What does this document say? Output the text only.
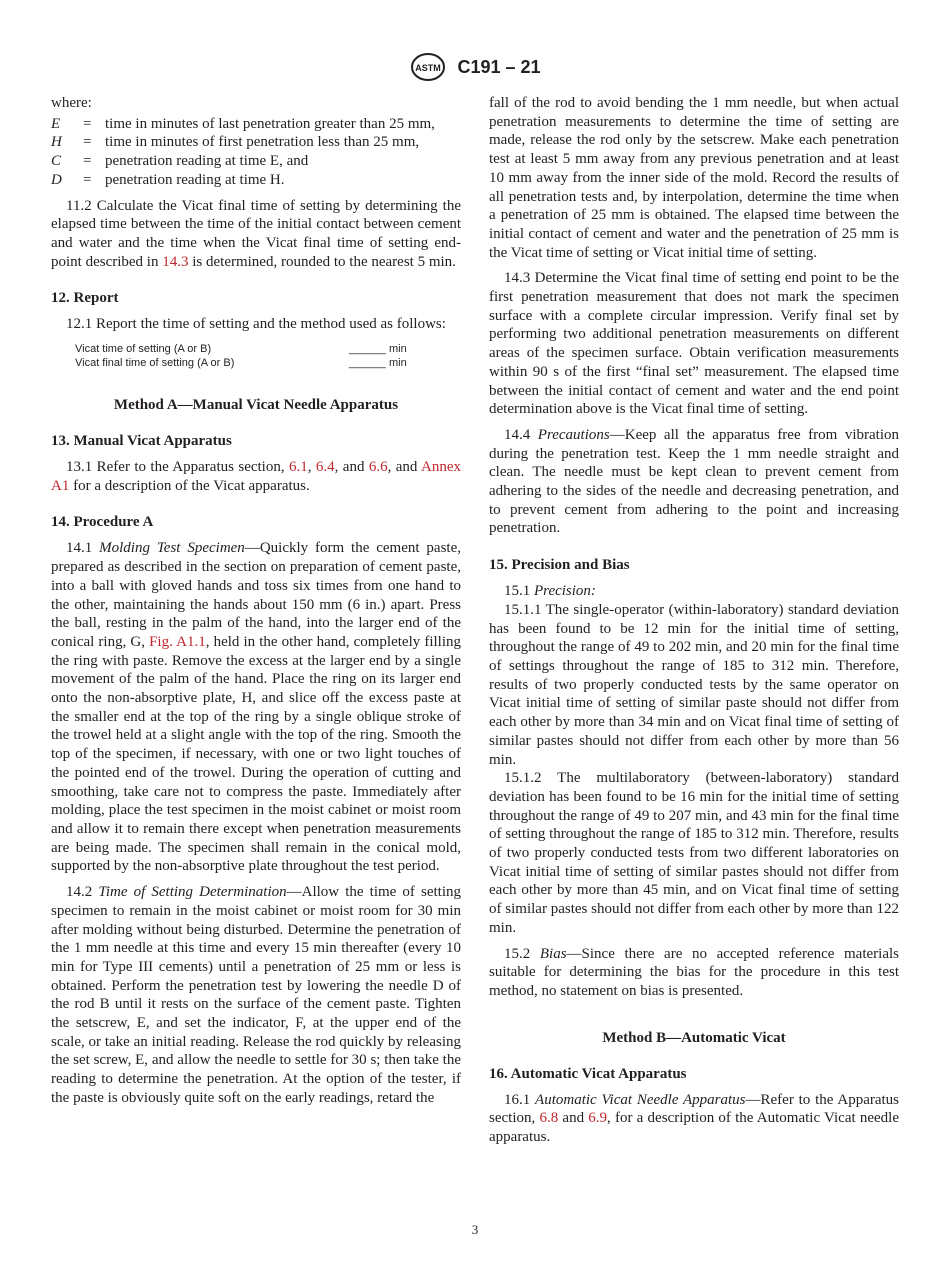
ASTM C191 – 21

where:

E	= time in minutes of last penetration greater than 25 mm,
H	= time in minutes of first penetration less than 25 mm,
C	= penetration reading at time E, and
D	= penetration reading at time H.

11.2 Calculate the Vicat final time of setting by determining the elapsed time between the time of the initial contact between cement and water and the time when the Vicat final time of setting end-point described in 14.3 is determined, rounded to the nearest 5 min.

12. Report

12.1 Report the time of setting and the method used as follows:

Vicat time of setting (A or B)	______ min
Vicat final time of setting (A or B)	______ min
Method A—Manual Vicat Needle Apparatus
13. Manual Vicat Apparatus

13.1 Refer to the Apparatus section, 6.1, 6.4, and 6.6, and Annex A1 for a description of the Vicat apparatus.

14. Procedure A

14.1 Molding Test Specimen—Quickly form the cement paste, prepared as described in the section on preparation of cement paste, into a ball with gloved hands and toss six times from one hand to the other, maintaining the hands about 150 mm (6 in.) apart. Press the ball, resting in the palm of the hand, into the larger end of the conical ring, G, Fig. A1.1, held in the other hand, completely filling the ring with paste. Remove the excess at the larger end by a single movement of the palm of the hand. Place the ring on its larger end onto the non-absorptive plate, H, and slice off the excess paste at the smaller end at the top of the ring by a single oblique stroke of the trowel held at a slight angle with the top of the ring. Smooth the top of the specimen, if necessary, with one or two light touches of the pointed end of the trowel. During the operation of cutting and smoothing, take care not to compress the paste. Immediately after molding, place the test specimen in the moist cabinet or moist room and allow it to remain there except when penetration measurements are being made. The specimen shall remain in the conical mold, supported by the non-absorptive plate throughout the test period.

14.2 Time of Setting Determination—Allow the time of setting specimen to remain in the moist cabinet or moist room for 30 min after molding without being disturbed. Determine the penetration of the 1 mm needle at this time and every 15 min thereafter (every 10 min for Type III cements) until a penetration of 25 mm or less is obtained. Perform the penetration test by lowering the needle D of the rod B until it rests on the surface of the cement paste. Tighten the setscrew, E, and set the indicator, F, at the upper end of the scale, or take an initial reading. Release the rod quickly by releasing the set screw, E, and allow the needle to settle for 30 s; then take the reading to determine the penetration. At the option of the tester, if the paste is obviously quite soft on the early readings, retard the

fall of the rod to avoid bending the 1 mm needle, but when actual penetration measurements to determine the time of setting are made, release the rod only by the setscrew. Make each penetration test at least 5 mm away from any previous penetration and at least 10 mm away from the inner side of the mold. Record the results of all penetration tests and, by interpolation, determine the time when a penetration of 25 mm is obtained. The elapsed time between the initial contact of cement and water and the penetration of 25 mm is the Vicat time of setting or Vicat initial time of setting.

14.3 Determine the Vicat final time of setting end point to be the first penetration measurement that does not mark the specimen surface with a complete circular impression. Verify final set by performing two additional penetration measurements on different areas of the specimen surface. Obtain verification measurements within 90 s of the first “final set” measurement. The elapsed time between the initial contact of cement and water and the end point determination above is the Vicat final time of setting.

14.4 Precautions—Keep all the apparatus free from vibration during the penetration test. Keep the 1 mm needle straight and clean. The needle must be kept clean to prevent cement from adhering to the sides of the needle and decreasing penetration, and to prevent cement from adhering to the point and increasing penetration.

15. Precision and Bias

15.1 Precision:

15.1.1 The single-operator (within-laboratory) standard deviation has been found to be 12 min for the initial time of setting, throughout the range of 49 to 202 min, and 20 min for the final time of settings throughout the range of 185 to 312 min. Therefore, results of two properly conducted tests by the same operator on Vicat initial time of setting of similar paste should not differ from each other by more than 34 min and on Vicat final time of setting of similar pastes should not differ from each other by more than 56 min.

15.1.2 The multilaboratory (between-laboratory) standard deviation has been found to be 16 min for the initial time of setting throughout the range of 49 to 207 min, and 43 min for the final time of setting throughout the range of 185 to 312 min. Therefore, results of two properly conducted tests from two different laboratories on Vicat initial time of setting of similar pastes should not differ from each other by more than 45 min, and on Vicat final time of setting of similar pastes should not differ from each other by more than 122 min.

15.2 Bias—Since there are no accepted reference materials suitable for determining the bias for the procedure in this test method, no statement on bias is presented.

Method B—Automatic Vicat
16. Automatic Vicat Apparatus

16.1 Automatic Vicat Needle Apparatus—Refer to the Apparatus section, 6.8 and 6.9, for a description of the Automatic Vicat needle apparatus.

3
